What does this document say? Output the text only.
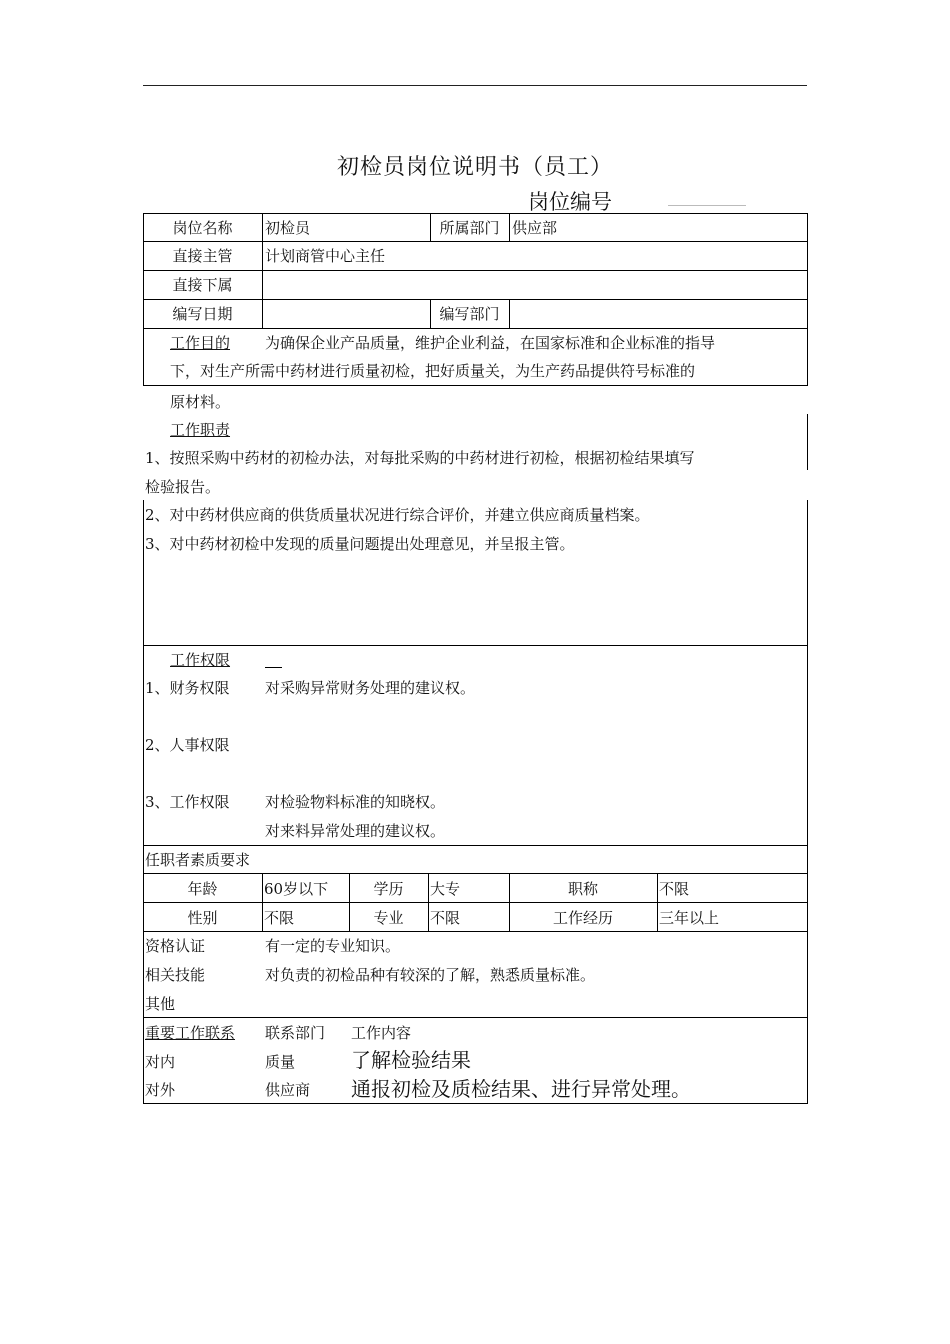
初检员岗位说明书（员工）
岗位编号
岗位名称	初检员	所属部门 供应部
直接主管	计划商管中心主任
直接下属
编写日期	编写部门
工作目的 为确保企业产品质量，维护企业利益，在国家标准和企业标准的指导
下，对生产所需中药材进行质量初检，把好质量关，为生产药品提供符号标准的
原材料。
工作职责
1、按照采购中药材的初检办法，对每批采购的中药材进行初检，根据初检结果填写
检验报告。
2、对中药材供应商的供货质量状况进行综合评价，并建立供应商质量档案。
3、对中药材初检中发现的质量问题提出处理意见，并呈报主管。
工作权限
1、财务权限 对采购异常财务处理的建议权。
2、人事权限
3、工作权限 对检验物料标准的知晓权。
对来料异常处理的建议权。
任职者素质要求
年龄	60岁以下	学历	大专	职称	不限
性别	不限	专业	不限	工作经历	三年以上
资格认证	有一定的专业知识。
相关技能	对负责的初检品种有较深的了解，熟悉质量标准。
其他
重要工作联系 联系部门 工作内容
对内	质量	了解检验结果
对外	供应商 通报初检及质检结果、进行异常处理。
